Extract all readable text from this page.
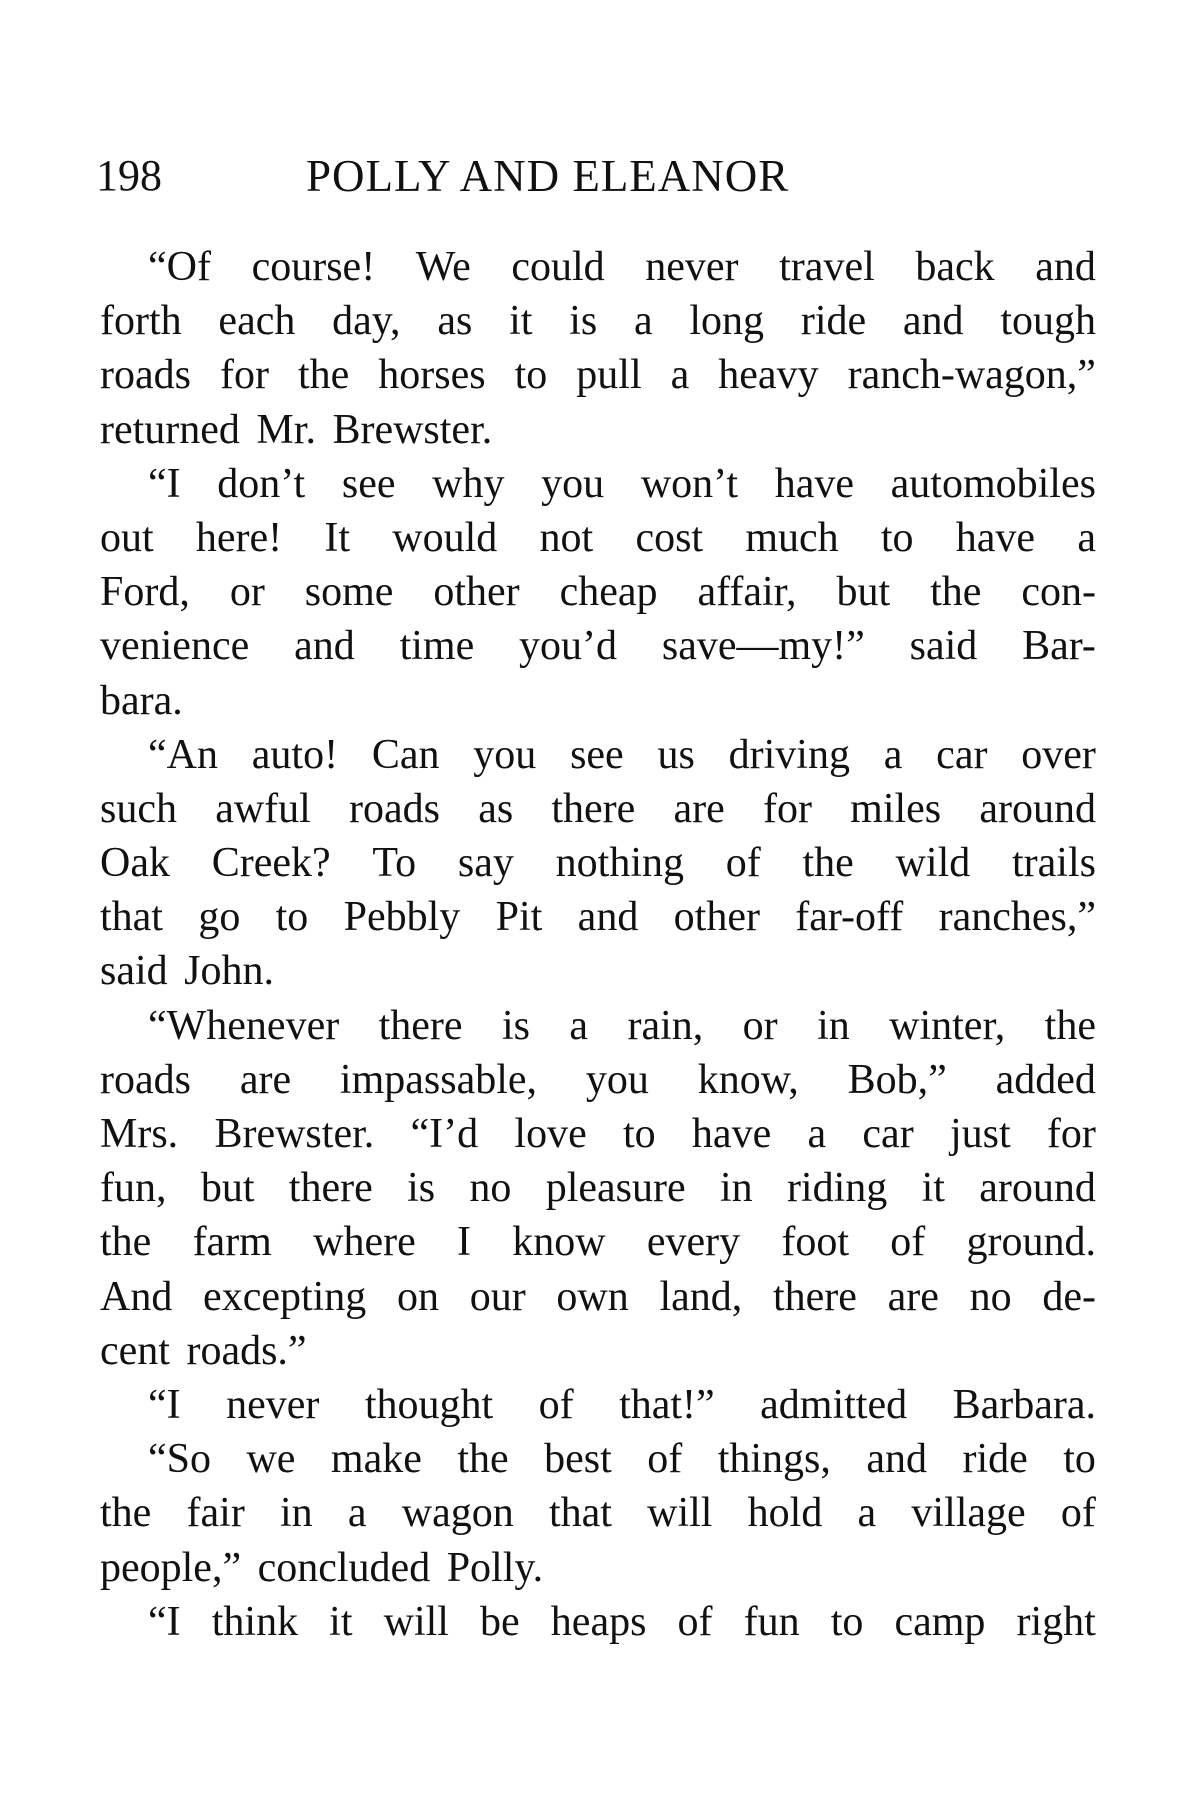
198	POLLY AND ELEANOR
“Of course! We could never travel back and
forth each day, as it is a long ride and tough
roads for the horses to pull a heavy ranch-wagon,”
returned Mr. Brewster.
“I don’t see why you won’t have automobiles
out here! It would not cost much to have a
Ford, or some other cheap affair, but the con-
venience and time you’d save—my!” said Bar-
bara.
“An auto! Can you see us driving a car over
such awful roads as there are for miles around
Oak Creek? To say nothing of the wild trails
that go to Pebbly Pit and other far-off ranches,”
said John.
“Whenever there is a rain, or in winter, the
roads are impassable, you know, Bob,” added
Mrs. Brewster. “I’d love to have a car just for
fun, but there is no pleasure in riding it around
the farm where I know every foot of ground.
And excepting on our own land, there are no de-
cent roads.”
“I never thought of that!” admitted Barbara.
“So we make the best of things, and ride to
the fair in a wagon that will hold a village of
people,” concluded Polly.
“I think it will be heaps of fun to camp right
